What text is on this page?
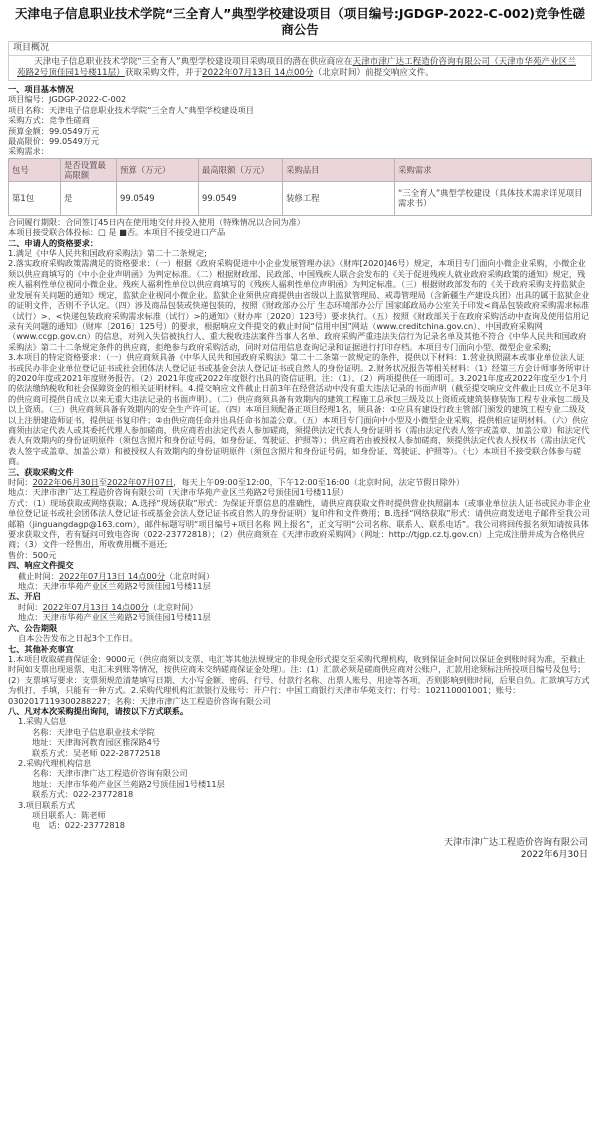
天津电子信息职业技术学院“三全育人”典型学校建设项目（项目编号:JGDGP-2022-C-002)竞争性磋商公告
项目概况
  天津电子信息职业技术学院“三全育人”典型学校建设项目采购项目的潜在供应商应在天津市津广达工程造价咨询有限公司（天津市华苑产业区兰苑路2号顶佳园1号楼11层）获取采购文件，并于2022年07月13日 14点00分（北京时间）前提交响应文件。
一、项目基本情况
项目编号：JGDGP-2022-C-002
项目名称：天津电子信息职业技术学院“三全育人”典型学校建设项目
采购方式：竞争性磋商
预算金额：99.0549万元
最高限价：99.0549万元
采购需求：
包号	是否设置最高限额	预算（万元）	最高限额（万元）	采购品目	采购需求
第1包	是	99.0549	99.0549	装修工程	“三全育人”典型学校建设（具体技术需求详见项目需求书）
合同履行期限：合同签订45日内在使用地交付并投入使用（特殊情况以合同为准）
本项目接受联合体投标：□ 是 ■否。本项目不接受进口产品
二、申请人的资格要求：
1.满足《中华人民共和国政府采购法》第二十二条规定;
2.落实政府采购政策需满足的资格要求：（一）根据《政府采购促进中小企业发展管理办法》（财库[2020]46号）规定，本项目专门面向小微企业采购，小微企业须以供应商填写的《中小企业声明函》为判定标准。（二）根据财政部、民政部、中国残疾人联合会发布的《关于促进残疾人就业政府采购政策的通知》规定，残疾人福利性单位视同小微企业。残疾人福利性单位以供应商填写的《残疾人福利性单位声明函》为判定标准。（三）根据财政部发布的《关于政府采购支持监狱企业发展有关问题的通知》规定，监狱企业视同小微企业。监狱企业须供应商提供由省级以上监狱管理局、戒毒管理局（含新疆生产建设兵团）出具的属于监狱企业的证明文件，否则不予认定。（四）涉及商品包装或快递包装的，按照《财政部办公厅 生态环境部办公厅 国家邮政局办公室关于印发<商品包装政府采购需求标准（试行）>、<快递包装政府采购需求标准（试行）>的通知》（财办库〔2020〕123号）要求执行。（五）按照《财政部关于在政府采购活动中查询及使用信用记录有关问题的通知》（财库〔2016〕125号）的要求，根据响应文件提交的截止时间“信用中国”网站（www.creditchina.gov.cn）、中国政府采购网（www.ccgp.gov.cn）的信息，对列入失信被执行人、重大税收违法案件当事人名单、政府采购严重违法失信行为记录名单及其他不符合《中华人民共和国政府采购法》第二十二条规定条件的供应商，拒绝参与政府采购活动，同时对信用信息查询记录和证据进行打印存档。本项目专门面向小型、微型企业采购;
3.本项目的特定资格要求：（一）供应商须具备《中华人民共和国政府采购法》第二十二条第一款规定的条件，提供以下材料：1.营业执照副本或事业单位法人证书或民办非企业单位登记证书或社会团体法人登记证书或基金会法人登记证书或自然人的身份证明。2.财务状况报告等相关材料：（1）经第三方会计师事务所审计的2020年度或2021年度财务报告。（2）2021年度或2022年度银行出具的资信证明。注：（1）、（2）两项提供任一项即可。3.2021年度或2022年度至少1个月的依法缴纳税收和社会保障资金的相关证明材料。4.提交响应文件截止日前3年在经营活动中没有重大违法记录的书面声明（截至提交响应文件截止日成立不足3年的供应商可提供自成立以来无重大违法记录的书面声明）。（二）供应商须具备有效期内的建筑工程施工总承包三级及以上资质或建筑装修装饰工程专业承包二级及以上资质。（三）供应商须具备有效期内的安全生产许可证。（四）本项目须配备正项目经理1名，须具备：①应具有建设行政主管部门颁发的建筑工程专业二级及以上注册建造师证书，提供证书复印件；②由供应商任命并出具任命书加盖公章。（五）本项目专门面向中小型及小微型企业采购，提供相应证明材料。（六）供应商须由法定代表人或其委托代理人参加磋商，供应商若由法定代表人参加磋商，须提供法定代表人身份证明书（需由法定代表人签字或盖章、加盖公章）和法定代表人有效期内的身份证明原件（须包含照片和身份证号码，如身份证、驾驶证、护照等）；供应商若由被授权人参加磋商，须提供法定代表人授权书（需由法定代表人签字或盖章、加盖公章）和被授权人有效期内的身份证明原件（须包含照片和身份证号码，如身份证、驾驶证、护照等）。（七）本项目不接受联合体参与磋商。
三、获取采购文件
时间：2022年06月30日至2022年07月07日，每天上午09:00至12:00，下午12:00至16:00（北京时间，法定节假日除外）
地点：天津市津广达工程造价咨询有限公司（天津市华苑产业区兰苑路2号顶佳园1号楼11层）
方式：（1）现场获取或网络获取；A.选择“现场获取”形式：为保证开票信息的准确性，请供应商获取文件时提供营业执照副本（或事业单位法人证书或民办非企业单位登记证书或社会团体法人登记证书或基金会法人登记证书或自然人的身份证明）复印件和文件费用；B.选择“网络获取”形式：请供应商发送电子邮件至我公司邮箱（jinguangdagp@163.com），邮件标题写明“项目编号+项目名称 网上报名”，正文写明“公司名称、联系人、联系电话”。我公司将回传报名须知请按具体要求获取文件，若有疑问可致电咨询（022-23772818）；（2）供应商须在《天津市政府采购网》（网址：http://tjgp.cz.tj.gov.cn）上完成注册并成为合格供应商；（3）文件一经售出，所收费用概不退还;
售价：500元
四、响应文件提交
截止时间：2022年07月13日 14点00分（北京时间）
地点：天津市华苑产业区兰苑路2号顶佳园1号楼11层
五、开启
时间：2022年07月13日 14点00分（北京时间）
地点：天津市华苑产业区兰苑路2号顶佳园1号楼11层
六、公告期限
自本公告发布之日起3个工作日。
七、其他补充事宜
1.本项目收取磋商保证金：9000元（供应商须以支票、电汇等其他法规规定的非现金形式提交至采购代理机构，收到保证金时间以保证金到账时间为准，至截止时间如支票出现退票、电汇未到账等情况，按供应商未交纳磋商保证金处理）。注：(1）汇款必须是磋商供应商对公账户，汇款用途须标注所投项目编号及包号；(2）支票填写要求：支票须规范清楚填写日期、大小写金额、密码、行号、付款行名称、出票人账号、用途等各项，否则影响到账时间，后果自负。汇款填写方式为机打、手填，只能有一种方式。2.采购代理机构汇款银行及账号：开户行：中国工商银行天津市华苑支行；行号：102110001001；账号：0302017119300288227；名称：天津市津广达工程造价咨询有限公司
八、凡对本次采购提出询问，请按以下方式联系。
1.采购人信息
名称：天津电子信息职业技术学院
地址：天津海河教育园区雅深路4号
联系方式：吴老师 022-28772518
2.采购代理机构信息
名称：天津市津广达工程造价咨询有限公司
地址：天津市华苑产业区兰苑路2号顶佳园1号楼11层
联系方式：022-23772818
3.项目联系方式
项目联系人：陈老师
电　话：022-23772818
天津市津广达工程造价咨询有限公司
2022年6月30日
